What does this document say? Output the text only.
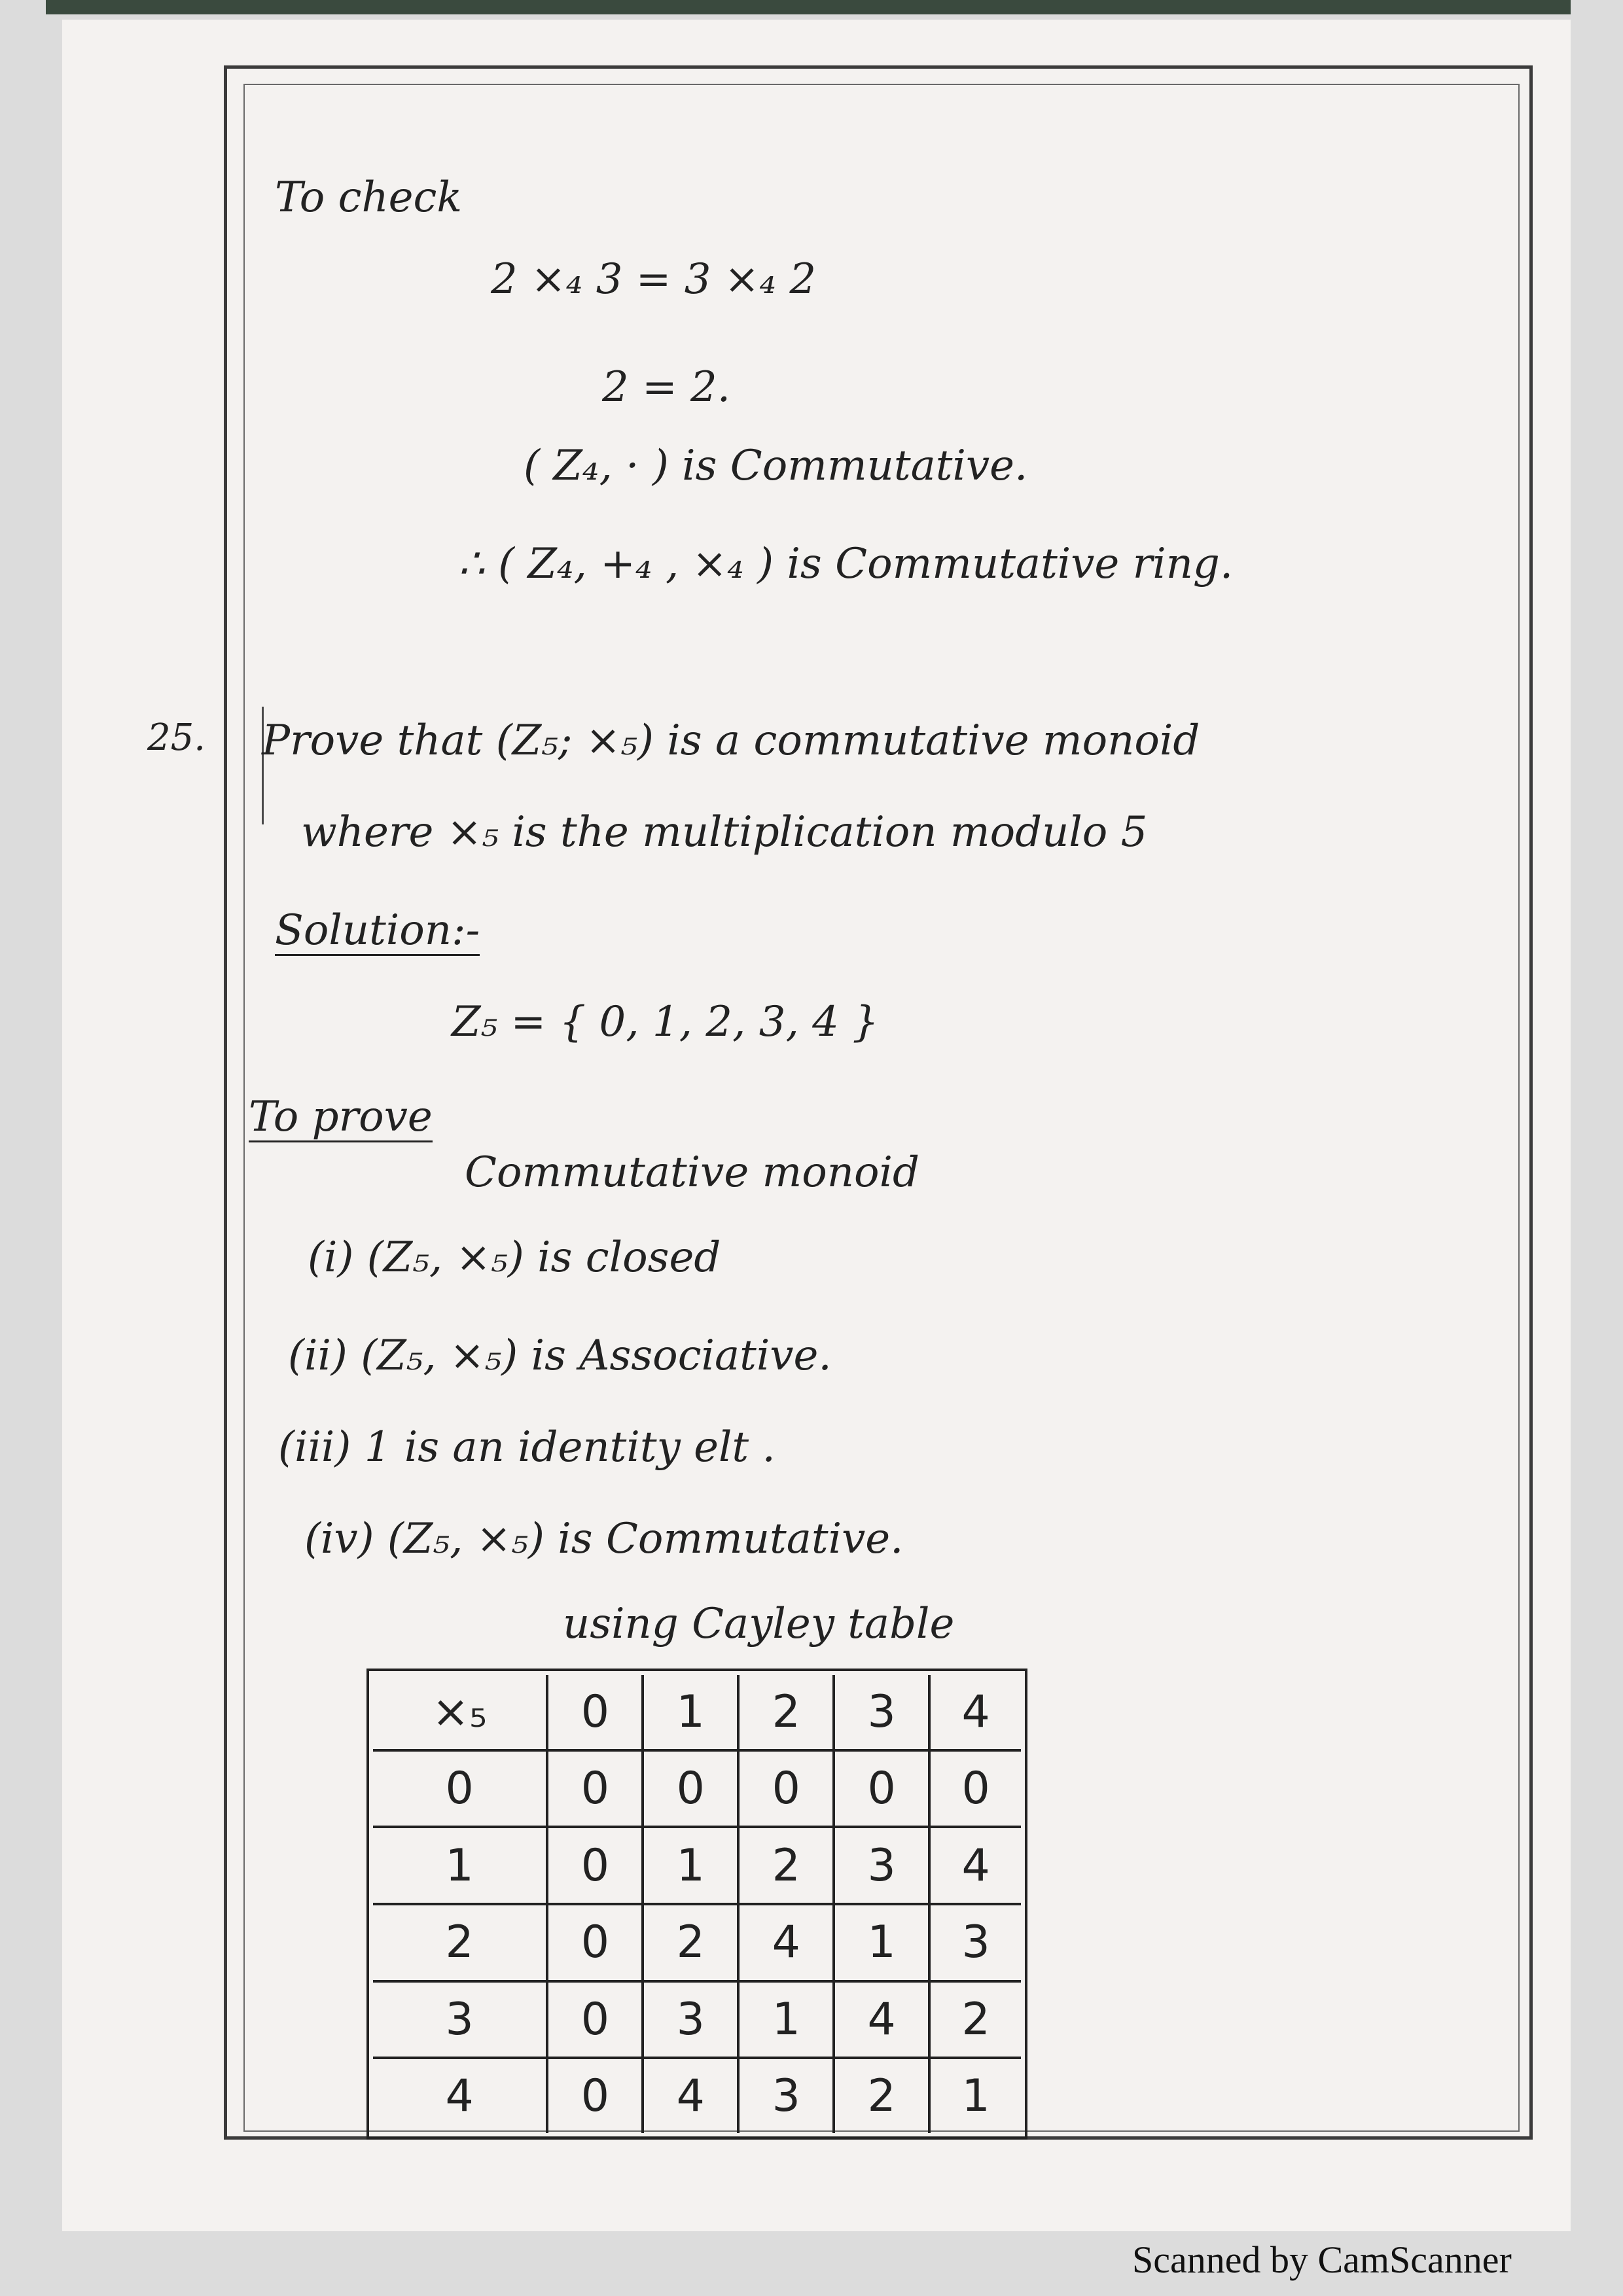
To check
2 ×₄ 3 = 3 ×₄ 2
2 = 2.
( Z₄, · ) is Commutative.
∴ ( Z₄, +₄ , ×₄ ) is Commutative ring.
25. Prove that (Z₅; ×₅) is a commutative monoid
where ×₅ is the multiplication modulo 5
Solution:-
Z₅ = { 0, 1, 2, 3, 4 }
To prove
Commutative monoid
(i) (Z₅, ×₅) is closed
(ii) (Z₅, ×₅) is Associative.
(iii) 1 is an identity elt .
(iv) (Z₅, ×₅) is Commutative.
using Cayley table
×₅	0	1	2	3	4
0	0	0	0	0	0
1	0	1	2	3	4
2	0	2	4	1	3
3	0	3	1	4	2
4	0	4	3	2	1
Scanned by CamScanner
